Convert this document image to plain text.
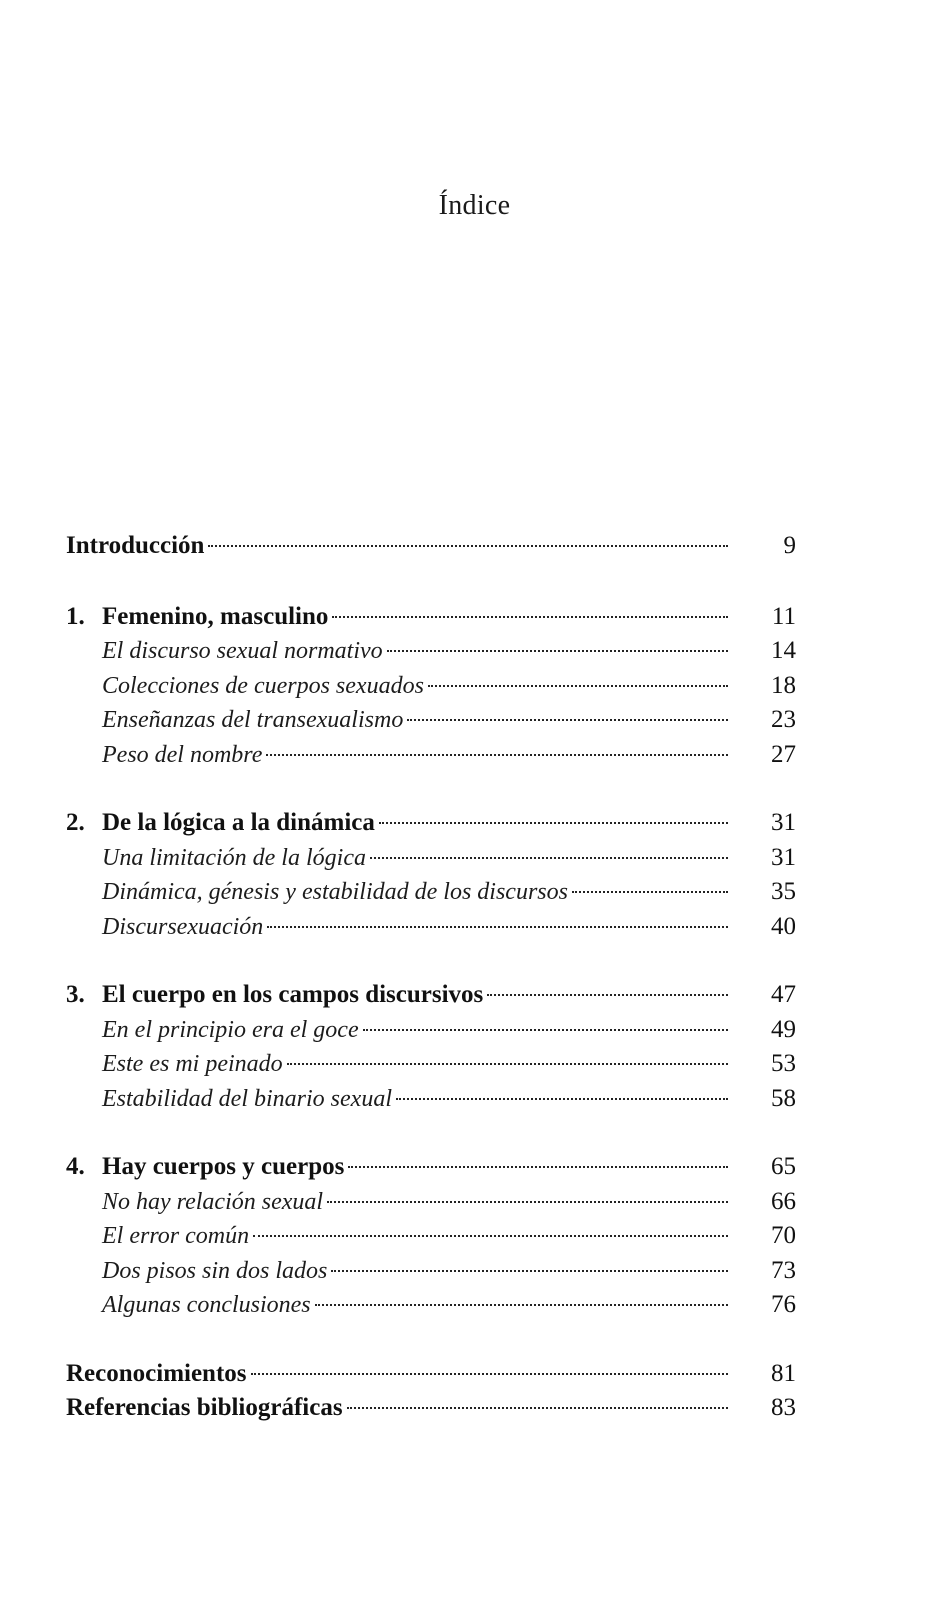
Índice
Introducción	9
1. Femenino, masculino	11
El discurso sexual normativo	14
Colecciones de cuerpos sexuados	18
Enseñanzas del transexualismo	23
Peso del nombre	27
2. De la lógica a la dinámica	31
Una limitación de la lógica	31
Dinámica, génesis y estabilidad de los discursos	35
Discursexuación	40
3. El cuerpo en los campos discursivos	47
En el principio era el goce	49
Este es mi peinado	53
Estabilidad del binario sexual	58
4. Hay cuerpos y cuerpos	65
No hay relación sexual	66
El error común	70
Dos pisos sin dos lados	73
Algunas conclusiones	76
Reconocimientos	81
Referencias bibliográficas	83
